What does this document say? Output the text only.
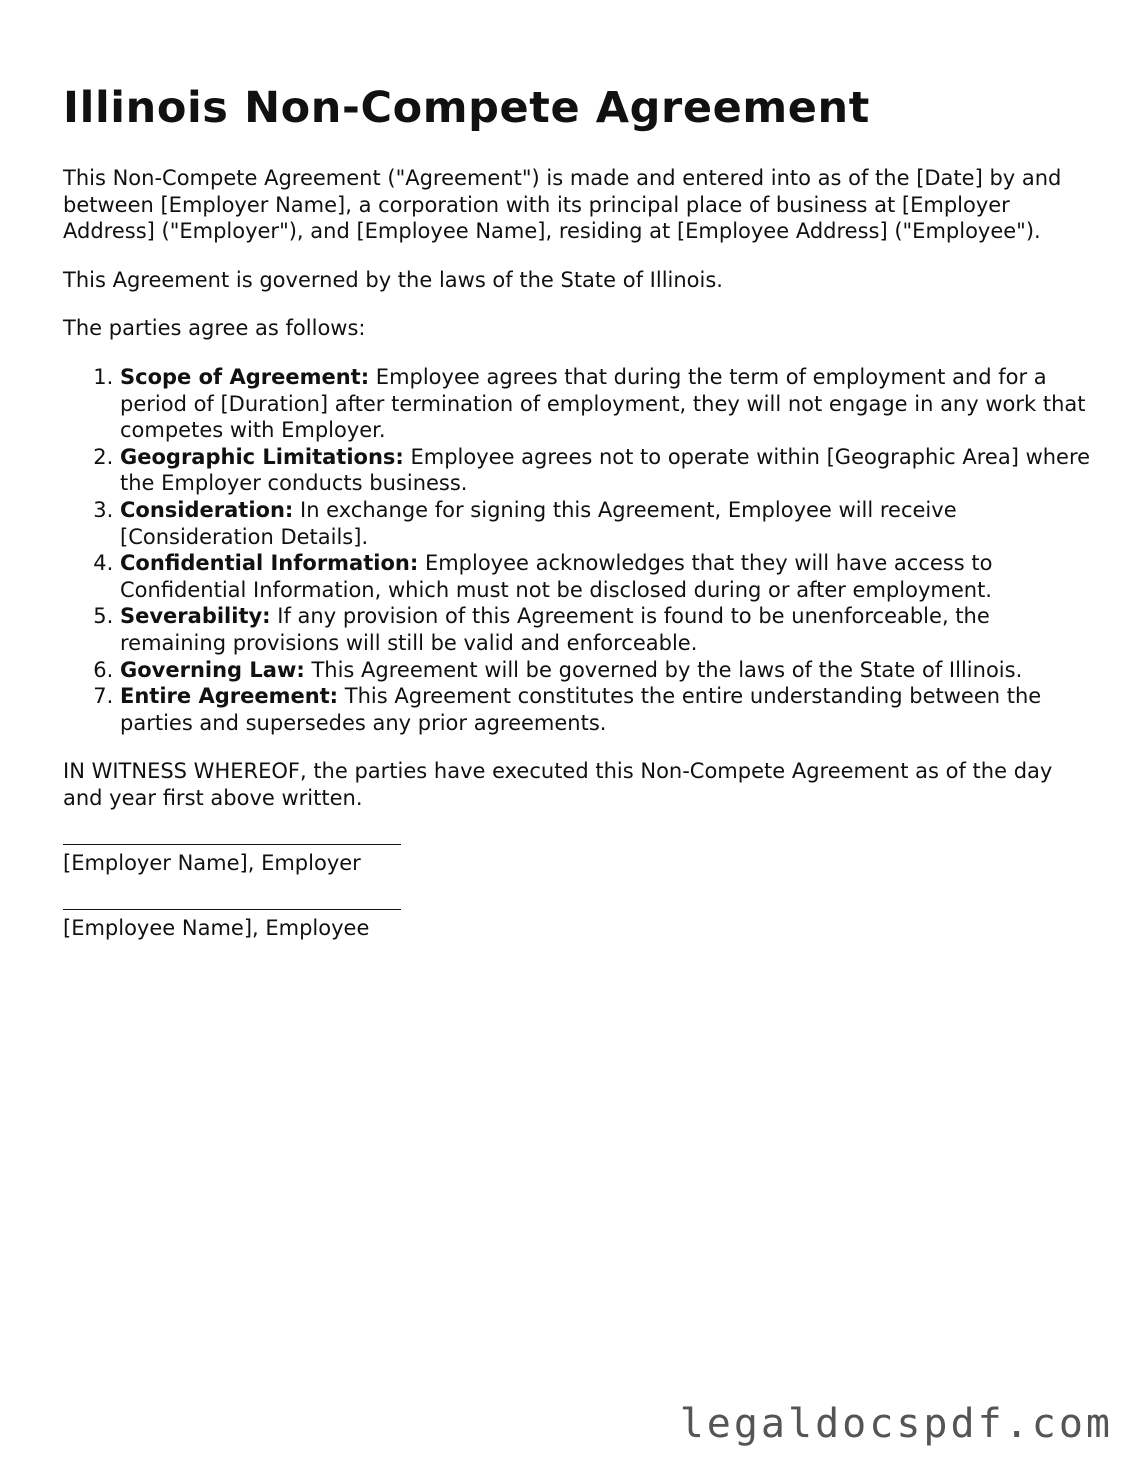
Illinois Non-Compete Agreement

This Non-Compete Agreement ("Agreement") is made and entered into as of the [Date] by and between [Employer Name], a corporation with its principal place of business at [Employer Address] ("Employer"), and [Employee Name], residing at [Employee Address] ("Employee").

This Agreement is governed by the laws of the State of Illinois.

The parties agree as follows:

1. Scope of Agreement: Employee agrees that during the term of employment and for a period of [Duration] after termination of employment, they will not engage in any work that competes with Employer.
2. Geographic Limitations: Employee agrees not to operate within [Geographic Area] where the Employer conducts business.
3. Consideration: In exchange for signing this Agreement, Employee will receive [Consideration Details].
4. Confidential Information: Employee acknowledges that they will have access to Confidential Information, which must not be disclosed during or after employment.
5. Severability: If any provision of this Agreement is found to be unenforceable, the remaining provisions will still be valid and enforceable.
6. Governing Law: This Agreement will be governed by the laws of the State of Illinois.
7. Entire Agreement: This Agreement constitutes the entire understanding between the parties and supersedes any prior agreements.

IN WITNESS WHEREOF, the parties have executed this Non-Compete Agreement as of the day and year first above written.

[Employer Name], Employer
[Employee Name], Employee
legaldocspdf.com
